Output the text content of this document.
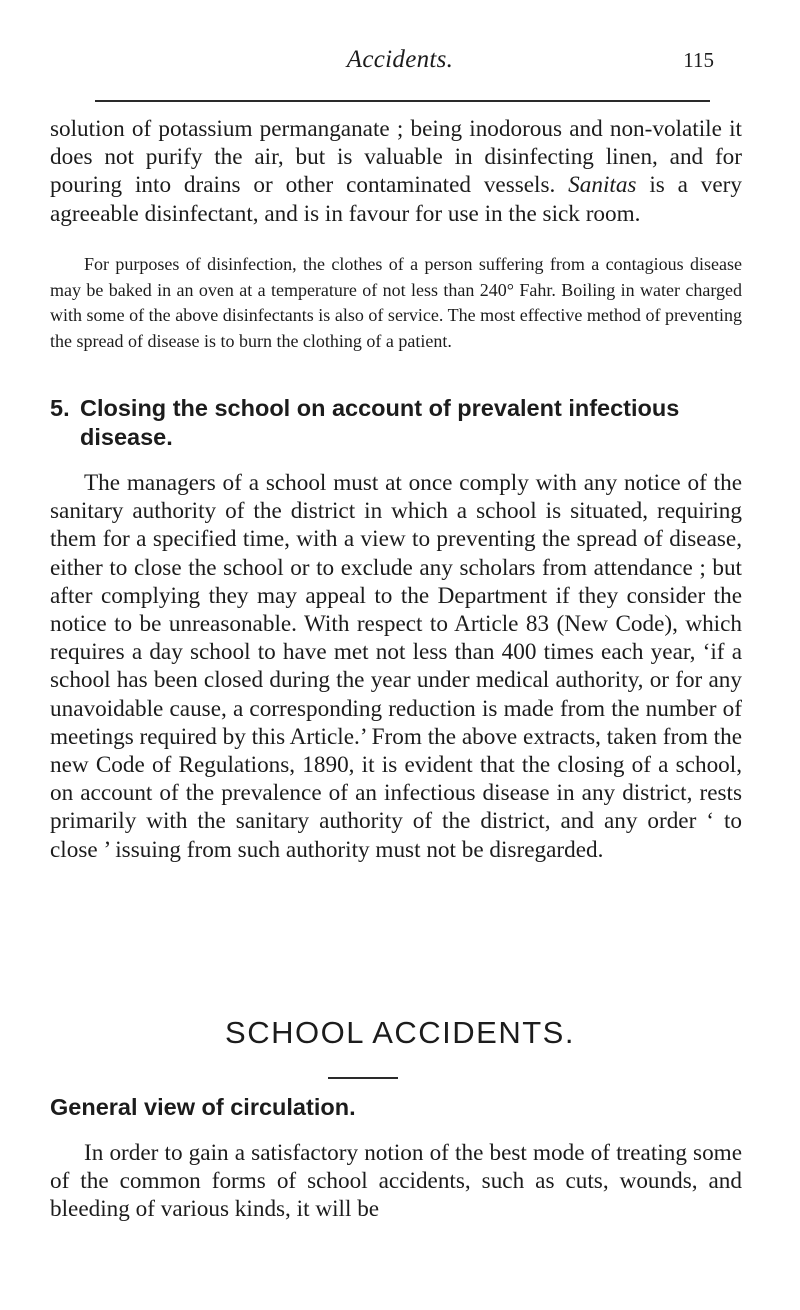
Accidents.	115

solution of potassium permanganate ; being inodorous and non-volatile it does not purify the air, but is valuable in disinfecting linen, and for pouring into drains or other contaminated vessels. Sanitas is a very agreeable disinfectant, and is in favour for use in the sick room.

For purposes of disinfection, the clothes of a person suffering from a contagious disease may be baked in an oven at a temperature of not less than 240° Fahr. Boiling in water charged with some of the above disinfectants is also of service. The most effective method of preventing the spread of disease is to burn the clothing of a patient.

5. Closing the school on account of prevalent infectious disease.

The managers of a school must at once comply with any notice of the sanitary authority of the district in which a school is situated, requiring them for a specified time, with a view to preventing the spread of disease, either to close the school or to exclude any scholars from attendance ; but after complying they may appeal to the Department if they consider the notice to be unreasonable. With respect to Article 83 (New Code), which requires a day school to have met not less than 400 times each year, ‘if a school has been closed during the year under medical authority, or for any unavoidable cause, a corresponding reduction is made from the number of meetings required by this Article.’ From the above extracts, taken from the new Code of Regulations, 1890, it is evident that the closing of a school, on account of the prevalence of an infectious disease in any district, rests primarily with the sanitary authority of the district, and any order ‘ to close ’ issuing from such authority must not be disregarded.

SCHOOL ACCIDENTS.

General view of circulation.

In order to gain a satisfactory notion of the best mode of treating some of the common forms of school accidents, such as cuts, wounds, and bleeding of various kinds, it will be
